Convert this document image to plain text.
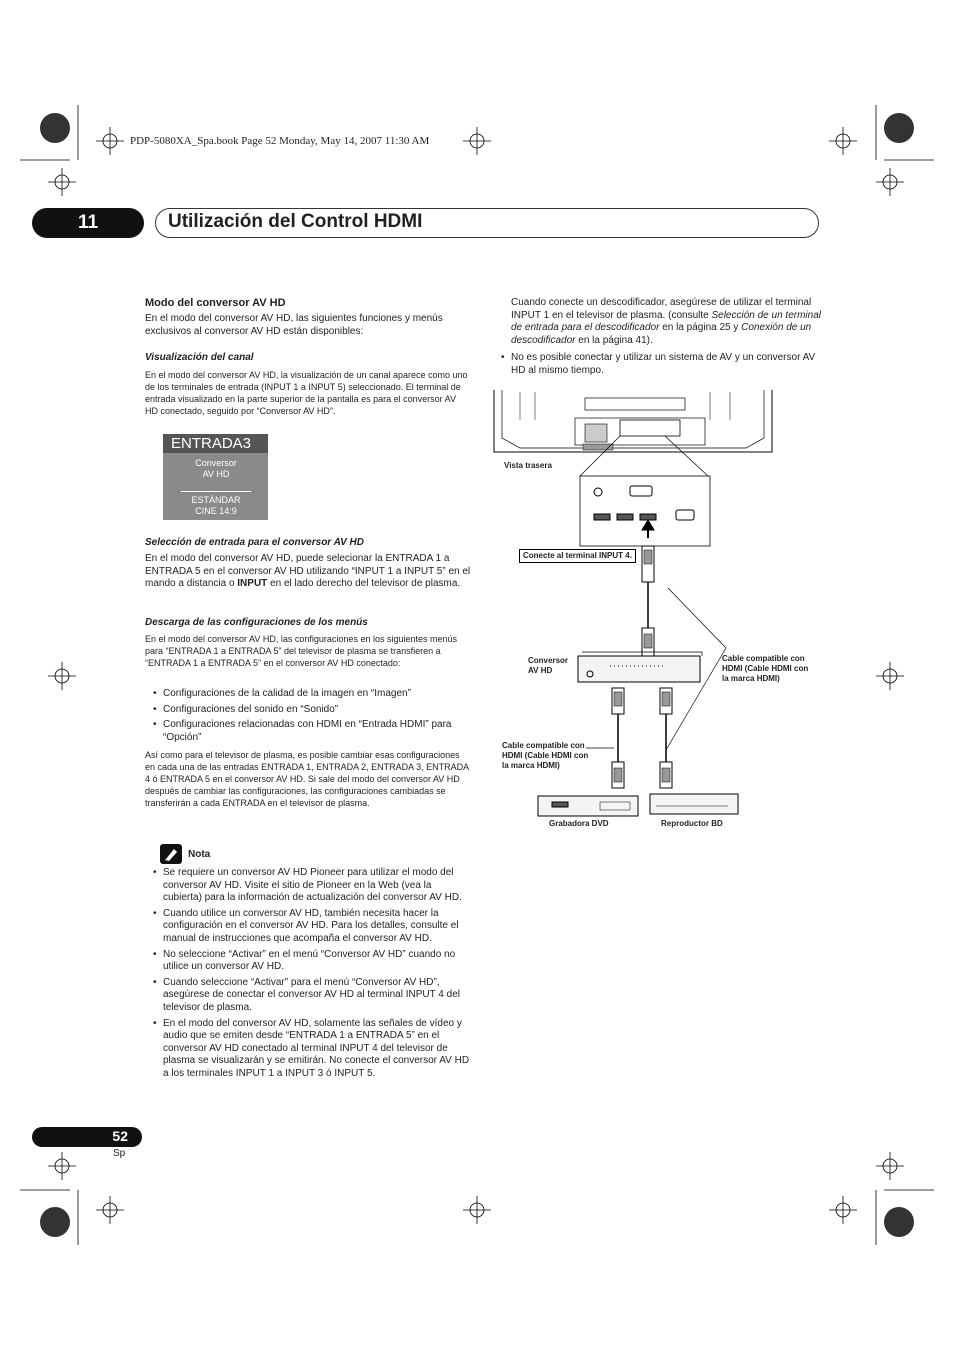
PDP-5080XA_Spa.book Page 52 Monday, May 14, 2007 11:30 AM
11	Utilización del Control HDMI
Modo del conversor AV HD
En el modo del conversor AV HD, las siguientes funciones y menús exclusivos al conversor AV HD están disponibles:
Visualización del canal
En el modo del conversor AV HD, la visualización de un canal aparece como uno de los terminales de entrada (INPUT 1 a INPUT 5) seleccionado. El terminal de entrada visualizado en la parte superior de la pantalla es para el conversor AV HD conectado, seguido por “Conversor AV HD”.
ENTRADA3
Conversor
AV HD
ESTÁNDAR
CINE 14:9
Selección de entrada para el conversor AV HD
En el modo del conversor AV HD, puede selecionar la ENTRADA 1 a ENTRADA 5 en el conversor AV HD utilizando “INPUT 1 a INPUT 5” en el mando a distancia o INPUT en el lado derecho del televisor de plasma.
Descarga de las configuraciones de los menús
En el modo del conversor AV HD, las configuraciones en los siguientes menús para “ENTRADA 1 a ENTRADA 5” del televisor de plasma se transfieren a “ENTRADA 1 a ENTRADA 5” en el conversor AV HD conectado:
• Configuraciones de la calidad de la imagen en “Imagen”
• Configuraciones del sonido en “Sonido”
• Configuraciones relacionadas con HDMI en “Entrada HDMI” para “Opción”
Así como para el televisor de plasma, es posible cambiar esas configuraciones en cada una de las entradas ENTRADA 1, ENTRADA 2, ENTRADA 3, ENTRADA 4 ó ENTRADA 5 en el conversor AV HD. Si sale del modo del conversor AV HD después de cambiar las configuraciones, las configuraciones cambiadas se transferirán a cada ENTRADA en el televisor de plasma.
Nota
• Se requiere un conversor AV HD Pioneer para utilizar el modo del conversor AV HD. Visite el sitio de Pioneer en la Web (vea la cubierta) para la información de actualización del conversor AV HD.
• Cuando utilice un conversor AV HD, también necesita hacer la configuración en el conversor AV HD. Para los detalles, consulte el manual de instrucciones que acompaña el conversor AV HD.
• No seleccione “Activar” en el menú “Conversor AV HD” cuando no utilice un conversor AV HD.
• Cuando seleccione “Activar” para el menú “Conversor AV HD”, asegúrese de conectar el conversor AV HD al terminal INPUT 4 del televisor de plasma.
• En el modo del conversor AV HD, solamente las señales de vídeo y audio que se emiten desde “ENTRADA 1 a ENTRADA 5” en el conversor AV HD conectado al terminal INPUT 4 del televisor de plasma se visualizarán y se emitirán. No conecte el conversor AV HD a los terminales INPUT 1 a INPUT 3 ó INPUT 5.
Cuando conecte un descodificador, asegúrese de utilizar el terminal INPUT 1 en el televisor de plasma. (consulte Selección de un terminal de entrada para el descodificador en la página 25 y Conexión de un descodificador en la página 41).
• No es posible conectar y utilizar un sistema de AV y un conversor AV HD al mismo tiempo.
Vista trasera
Conecte al terminal INPUT 4.
Conversor
AV HD
Cable compatible con
HDMI (Cable HDMI con
la marca HDMI)
Cable compatible con
HDMI (Cable HDMI con
la marca HDMI)
Grabadora DVD	Reproductor BD
52
Sp
